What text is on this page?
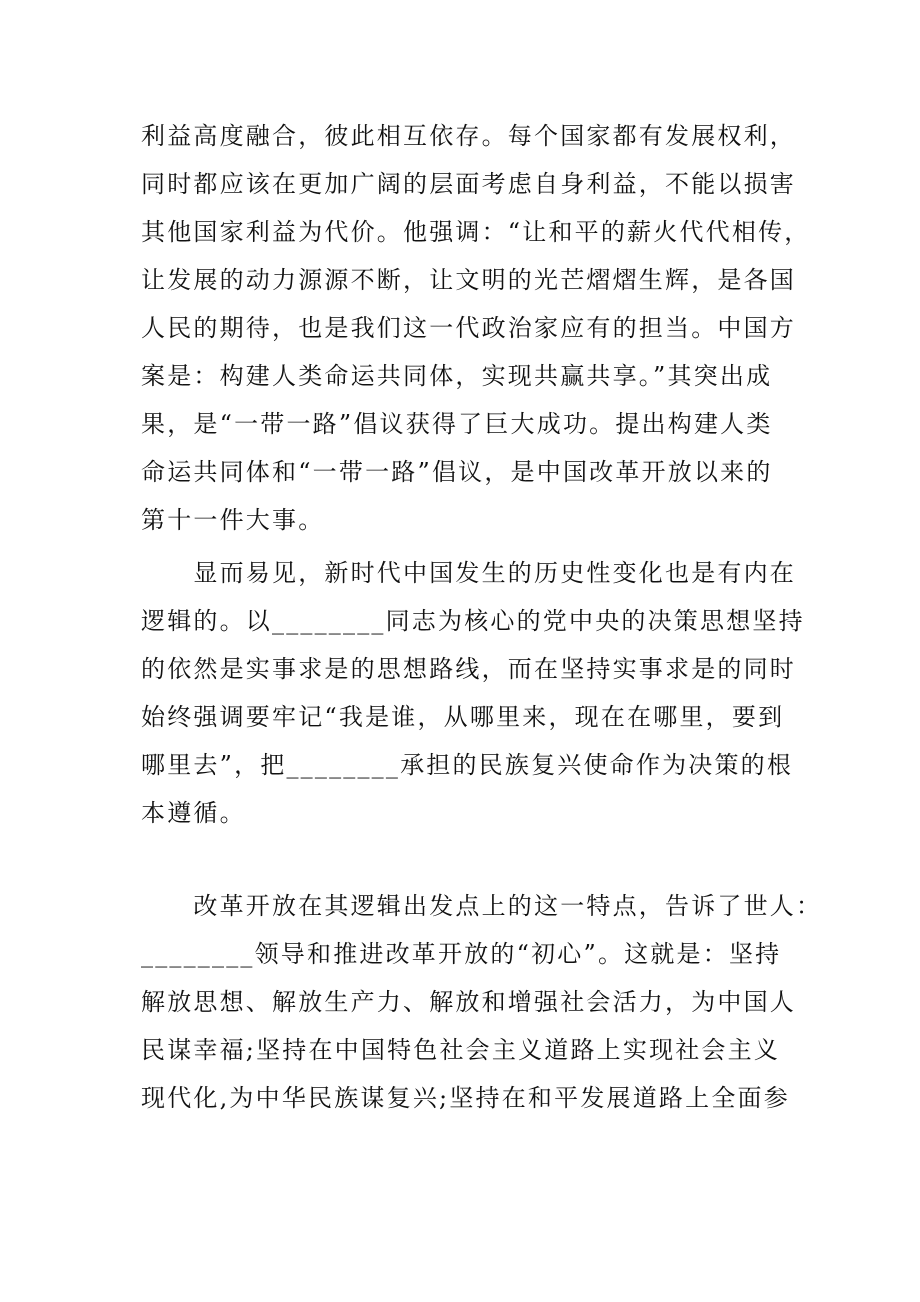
利益高度融合，彼此相互依存。每个国家都有发展权利，
同时都应该在更加广阔的层面考虑自身利益，不能以损害
其他国家利益为代价。他强调：“让和平的薪火代代相传，
让发展的动力源源不断，让文明的光芒熠熠生辉，是各国
人民的期待，也是我们这一代政治家应有的担当。中国方
案是：构建人类命运共同体，实现共赢共享。”其突出成
果，是“一带一路”倡议获得了巨大成功。提出构建人类
命运共同体和“一带一路”倡议，是中国改革开放以来的
第十一件大事。
　　显而易见，新时代中国发生的历史性变化也是有内在
逻辑的。以________同志为核心的党中央的决策思想坚持
的依然是实事求是的思想路线，而在坚持实事求是的同时
始终强调要牢记“我是谁，从哪里来，现在在哪里，要到
哪里去”，把________承担的民族复兴使命作为决策的根
本遵循。
　　改革开放在其逻辑出发点上的这一特点，告诉了世人：
________领导和推进改革开放的“初心”。这就是：坚持
解放思想、解放生产力、解放和增强社会活力，为中国人
民谋幸福;坚持在中国特色社会主义道路上实现社会主义
现代化,为中华民族谋复兴;坚持在和平发展道路上全面参
